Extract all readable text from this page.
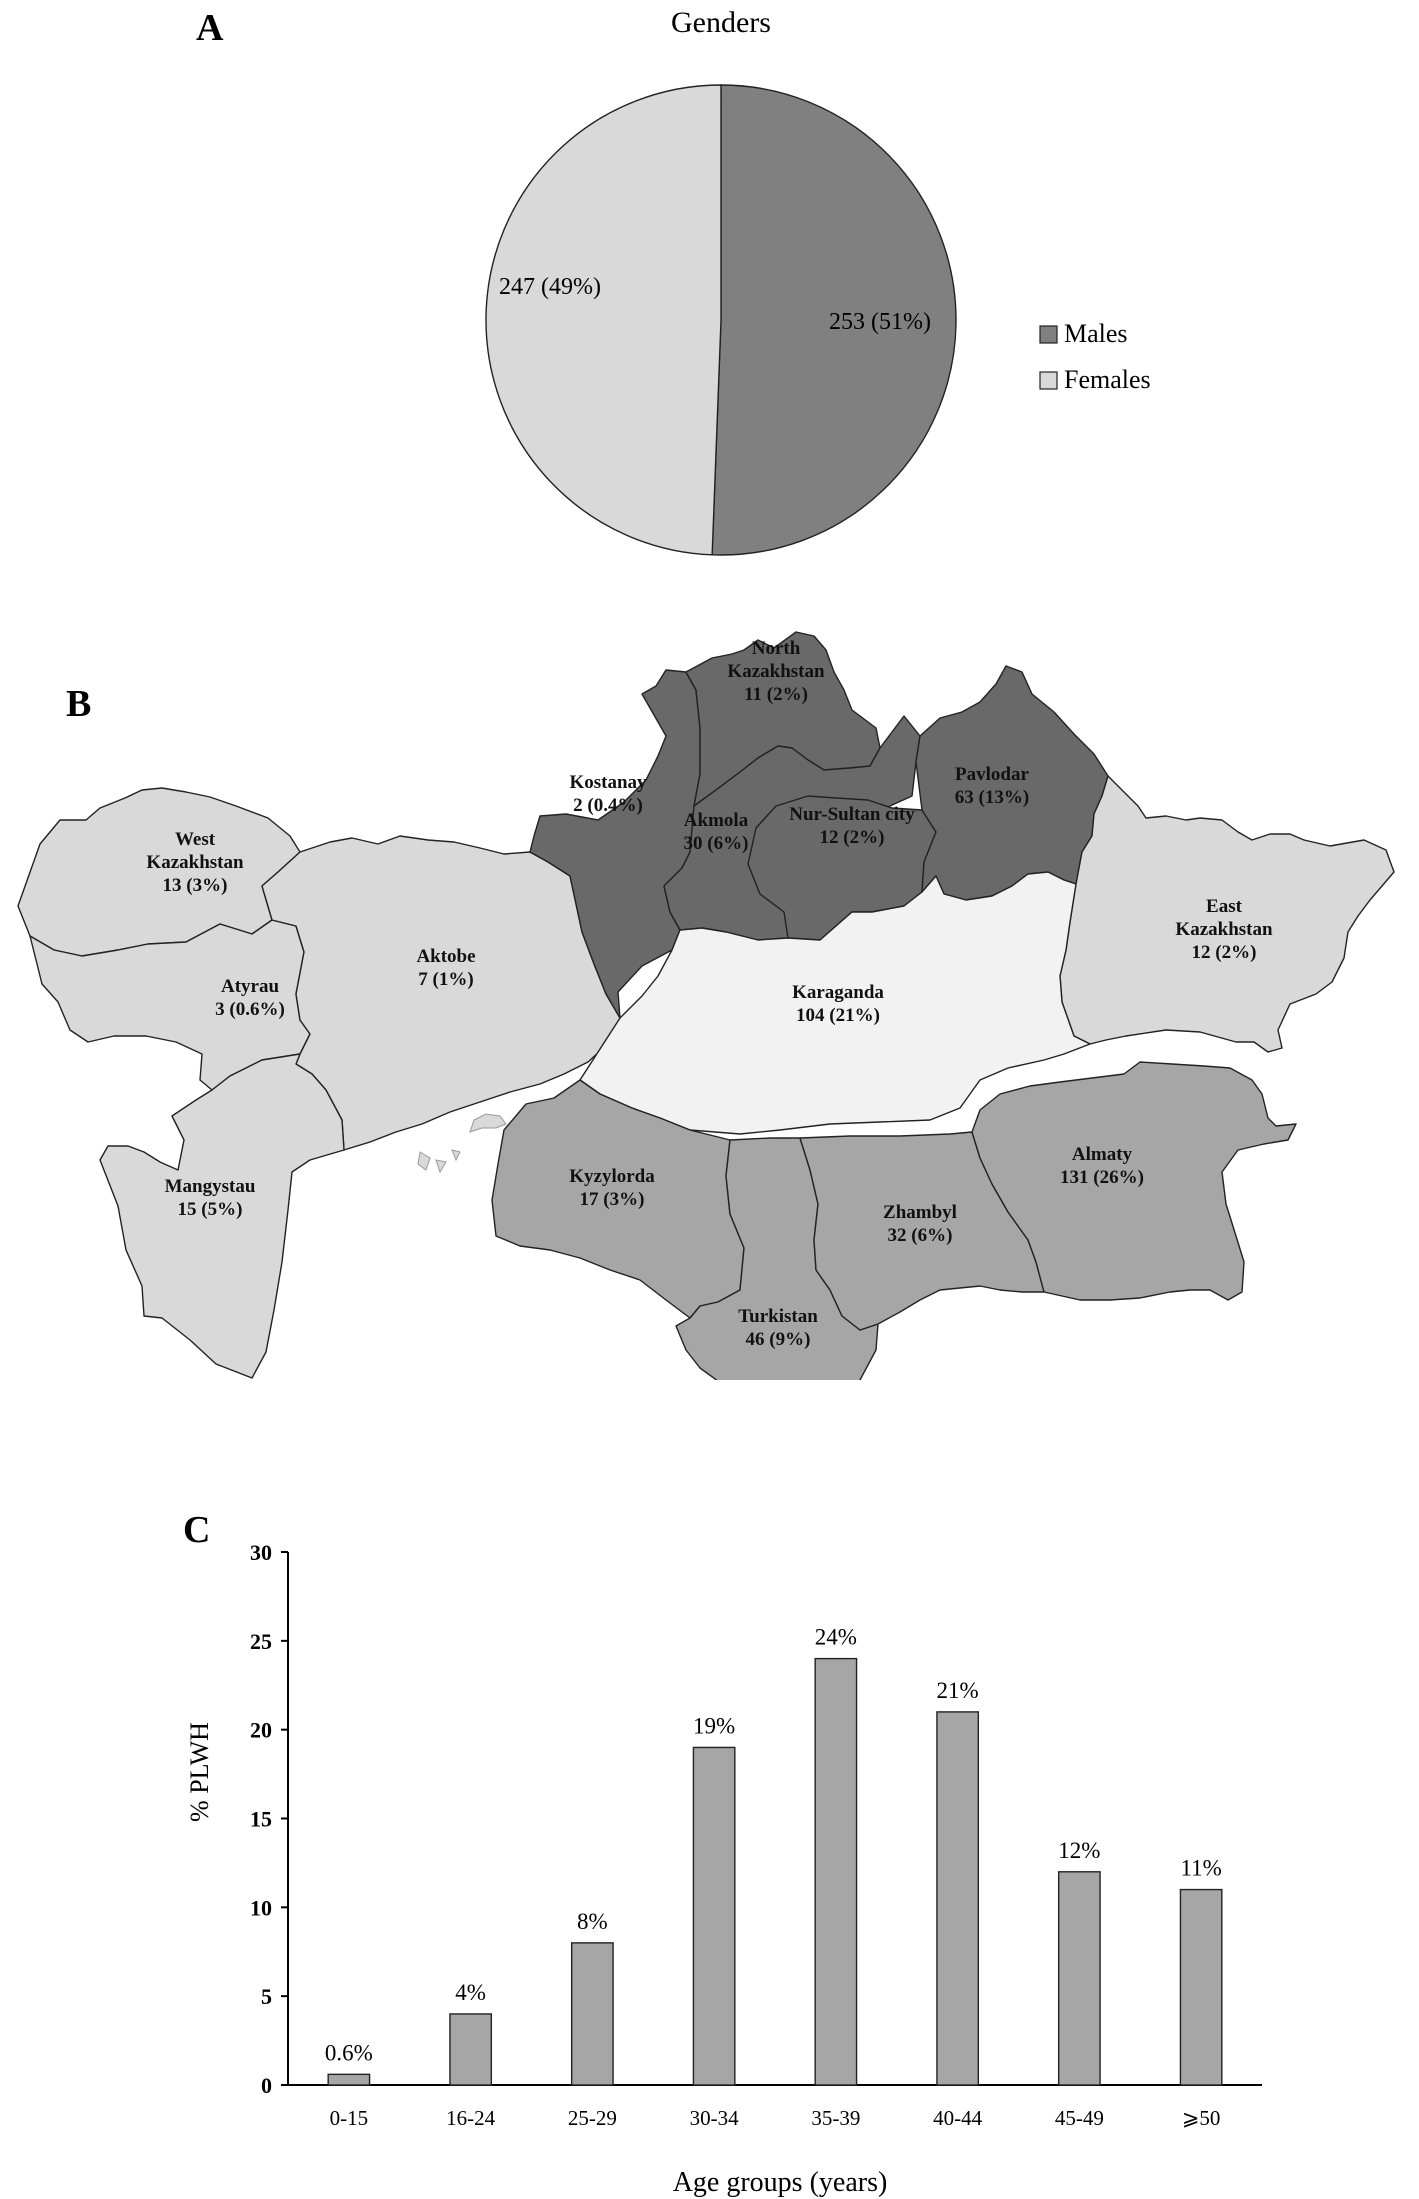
A
B
C
Genders
253 (51%)
247 (49%)
Males
Females
West
Kazakhstan
13 (3%)
Atyrau
3 (0.6%)
Aktobe
7 (1%)
Mangystau
15 (5%)
Kostanay
2 (0.4%)
North
Kazakhstan
11 (2%)
Akmola
30 (6%)
Nur-Sultan city
12 (2%)
Pavlodar
63 (13%)
East
Kazakhstan
12 (2%)
Karaganda
104 (21%)
Kyzylorda
17 (3%)
Turkistan
46 (9%)
Zhambyl
32 (6%)
Almaty
131 (26%)
0.6%
4%
8%
19%
24%
21%
12%
11%
0
5
10
15
20
25
30
0-15	16-24	25-29	30-34	35-39	40-44	45-49	⩾50
% PLWH
Age groups (years)
